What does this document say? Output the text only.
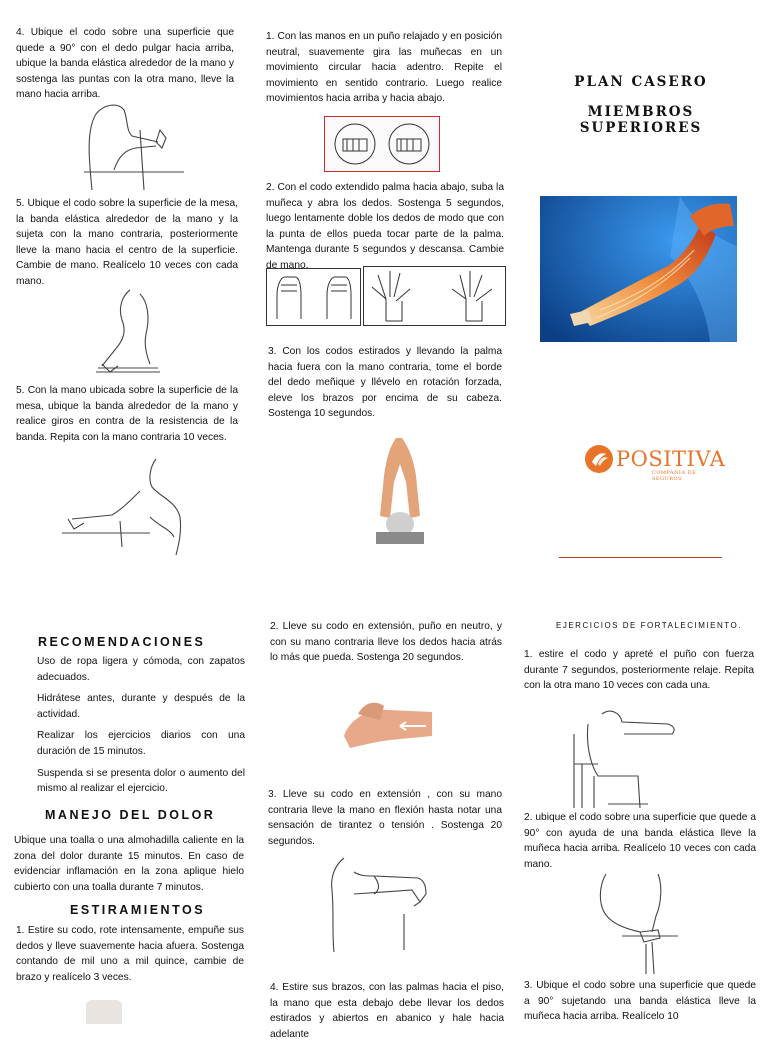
4. Ubique el codo sobre una superficie que quede a 90° con el dedo pulgar hacia arriba, ubique la banda elástica alrededor de la mano y sostenga las puntas con la otra mano, lleve la mano hacia arriba.

5. Ubique el codo sobre la superficie de la mesa, la banda elástica alrededor de la mano y la sujeta con la mano contraria, posteriormente lleve la mano hacia el centro de la superficie. Cambie de mano. Realícelo 10 veces con cada mano.

5. Con la mano ubicada sobre la superficie de la mesa, ubique la banda alrededor de la mano y realice giros en contra de la resistencia de la banda. Repita con la mano contraria 10 veces.

RECOMENDACIONES
Uso de ropa ligera y cómoda, con zapatos adecuados.
Hidrátese antes, durante y después de la actividad.
Realizar los ejercicios diarios con una duración de 15 minutos.
Suspenda si se presenta dolor o aumento del mismo al realizar el ejercicio.
MANEJO DEL DOLOR

Ubique una toalla o una almohadilla caliente en la zona del dolor durante 15 minutos. En caso de evidenciar inflamación en la zona aplique hielo cubierto con una toalla durante 7 minutos.

ESTIRAMIENTOS

1. Estire su codo, rote intensamente, empuñe sus dedos y lleve suavemente hacia afuera. Sostenga contando de mil uno a mil quince, cambie de brazo y realícelo 3 veces.

1. Con las manos en un puño relajado y en posición neutral, suavemente gira las muñecas en un movimiento circular hacia adentro. Repite el movimiento en sentido contrario. Luego realice movimientos hacia arriba y hacia abajo.

2. Con el codo extendido palma hacia abajo, suba la muñeca y abra los dedos. Sostenga 5 segundos, luego lentamente doble los dedos de modo que con la punta de ellos pueda tocar parte de la palma. Mantenga durante 5 segundos y descansa. Cambie de mano.

3. Con los codos estirados y llevando la palma hacia fuera con la mano contraria, tome el borde del dedo meñique y llévelo en rotación forzada, eleve los brazos por encima de su cabeza. Sostenga 10 segundos.

2. Lleve su codo en extensión, puño en neutro, y con su mano contraria lleve los dedos hacia atrás lo más que pueda. Sostenga 20 segundos.

3. Lleve su codo en extensión , con su mano contraria lleve la mano en flexión hasta notar una sensación de tirantez o tensión . Sostenga 20 segundos.

4. Estire sus brazos, con las palmas hacia el piso, la mano que esta debajo debe llevar los dedos estirados y abiertos en abanico y hale hacia adelante

PLAN CASERO
MIEMBROS SUPERIORES
POSITIVA
COMPAÑÍA DE SEGUROS
EJERCICIOS DE FORTALECIMIENTO.

1. estire el codo y apreté el puño con fuerza durante 7 segundos, posteriormente relaje. Repita con la otra mano 10 veces con cada una.

2. ubique el codo sobre una superficie que quede a 90° con ayuda de una banda elástica lleve la muñeca hacia arriba. Realícelo 10 veces con cada mano.

3. Ubique el codo sobre una superficie que quede a 90° sujetando una banda elástica lleve la muñeca hacia arriba. Realícelo 10
